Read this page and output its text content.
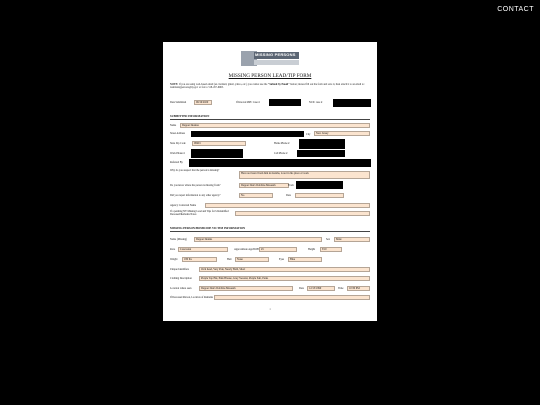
CONTACT
MISSING PERSONS
MISSING PERSON LEAD/TIP FORM
NOTE: If you are using web-based email (ex. hotmail, gmail, yahoo, etc.) you cannot use the "Submit by Email" button; instead fill out the form and save it, then attach it to an email to: lesmissingpersons@ny.gov or fax to 518-457-6965.
Date Submitted	06/16/2020	If Known MPC Case #	NCIC case #
SUBMITTED INFORMATION
Name	Dapper Deanna
Street Address	City	New Jersey
State Zip Code	08401	Home Phone #
Work Phone #	Cell Phone #
Referred By
Why do you suspect that the person is missing?
Have not heard from him in months, is not in his place of work
Do you know where the person is missing from?	Dapper Dan's Dobbins Museum	From
Did you report information to any other agency?	No	Date
Agency Contacted Name
If a pending NY Missing Lead and Tips for Unidentified Deceased/Remains Notes
MISSING PERSON/HOMICIDE VICTIM INFORMATION
Name (Missing)	Dapper Dennis	Sex	Male
Race	Caucasian	Approximate Age/DOB 45	Height	6'10
Weight	180 lbs	Hair	None	Eyes	Blue
Unique Identifiers	Oval head, Very Pale, Nearly Bald, Short
Clothing Description	Purple Top Hat, Pink Blouse, Grey Sweater, Purple Suit, Pants
Location where seen	Dapper Dan's Dobbins Museum	Date	12/13/1999	Time	10:30 PM
If Deceased Person, Location of Remains
1
